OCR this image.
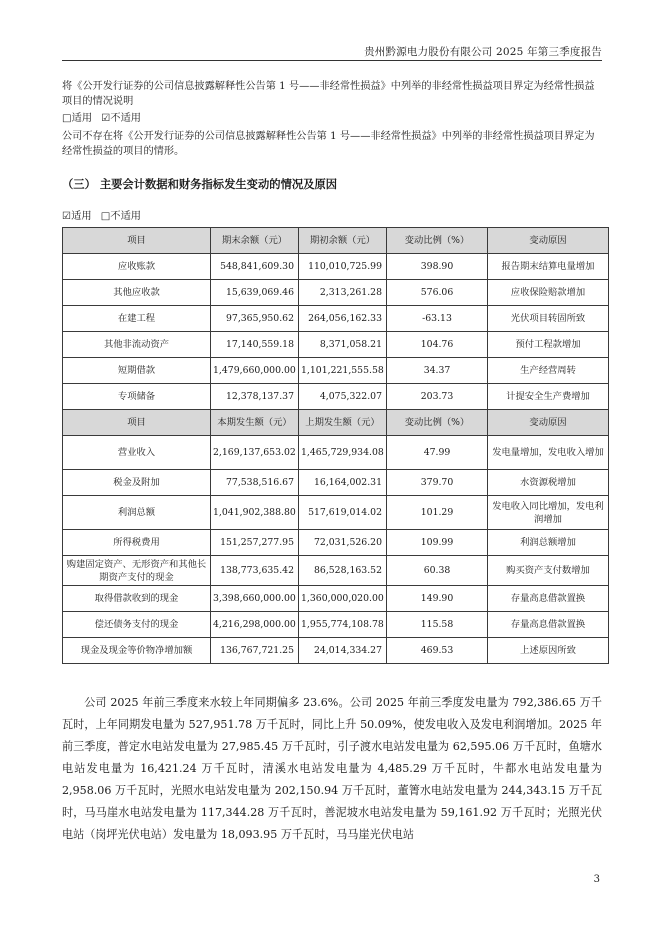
贵州黔源电力股份有限公司 2025 年第三季度报告
将《公开发行证券的公司信息披露解释性公告第 1 号——非经常性损益》中列举的非经常性损益项目界定为经常性损益项目的情况说明
□适用 ☑不适用
公司不存在将《公开发行证券的公司信息披露解释性公告第 1 号——非经常性损益》中列举的非经常性损益项目界定为经常性损益的项目的情形。
（三） 主要会计数据和财务指标发生变动的情况及原因
☑适用 □不适用
项目	期末余额（元）	期初余额（元）	变动比例（%）	变动原因
应收账款	548,841,609.30	110,010,725.99	398.90	报告期末结算电量增加
其他应收款	15,639,069.46	2,313,261.28	576.06	应收保险赔款增加
在建工程	97,365,950.62	264,056,162.33	-63.13	光伏项目转固所致
其他非流动资产	17,140,559.18	8,371,058.21	104.76	预付工程款增加
短期借款	1,479,660,000.00	1,101,221,555.58	34.37	生产经营周转
专项储备	12,378,137.37	4,075,322.07	203.73	计提安全生产费增加
项目	本期发生额（元）	上期发生额（元）	变动比例（%）	变动原因
营业收入	2,169,137,653.02	1,465,729,934.08	47.99	发电量增加，发电收入增加
税金及附加	77,538,516.67	16,164,002.31	379.70	水资源税增加
利润总额	1,041,902,388.80	517,619,014.02	101.29	发电收入同比增加，发电利润增加
所得税费用	151,257,277.95	72,031,526.20	109.99	利润总额增加
购建固定资产、无形资产和其他长期资产支付的现金	138,773,635.42	86,528,163.52	60.38	购买资产支付数增加
取得借款收到的现金	3,398,660,000.00	1,360,000,020.00	149.90	存量高息借款置换
偿还债务支付的现金	4,216,298,000.00	1,955,774,108.78	115.58	存量高息借款置换
现金及现金等价物净增加额	136,767,721.25	24,014,334.27	469.53	上述原因所致
公司 2025 年前三季度来水较上年同期偏多 23.6%。公司 2025 年前三季度发电量为 792,386.65 万千瓦时，上年同期发电量为 527,951.78 万千瓦时，同比上升 50.09%，使发电收入及发电利润增加。2025 年前三季度，普定水电站发电量为 27,985.45 万千瓦时，引子渡水电站发电量为 62,595.06 万千瓦时，鱼塘水电站发电量为 16,421.24 万千瓦时，清溪水电站发电量为 4,485.29 万千瓦时，牛都水电站发电量为 2,958.06 万千瓦时，光照水电站发电量为 202,150.94 万千瓦时，董箐水电站发电量为 244,343.15 万千瓦时，马马崖水电站发电量为 117,344.28 万千瓦时，善泥坡水电站发电量为 59,161.92 万千瓦时；光照光伏电站（岗坪光伏电站）发电量为 18,093.95 万千瓦时，马马崖光伏电站
3
